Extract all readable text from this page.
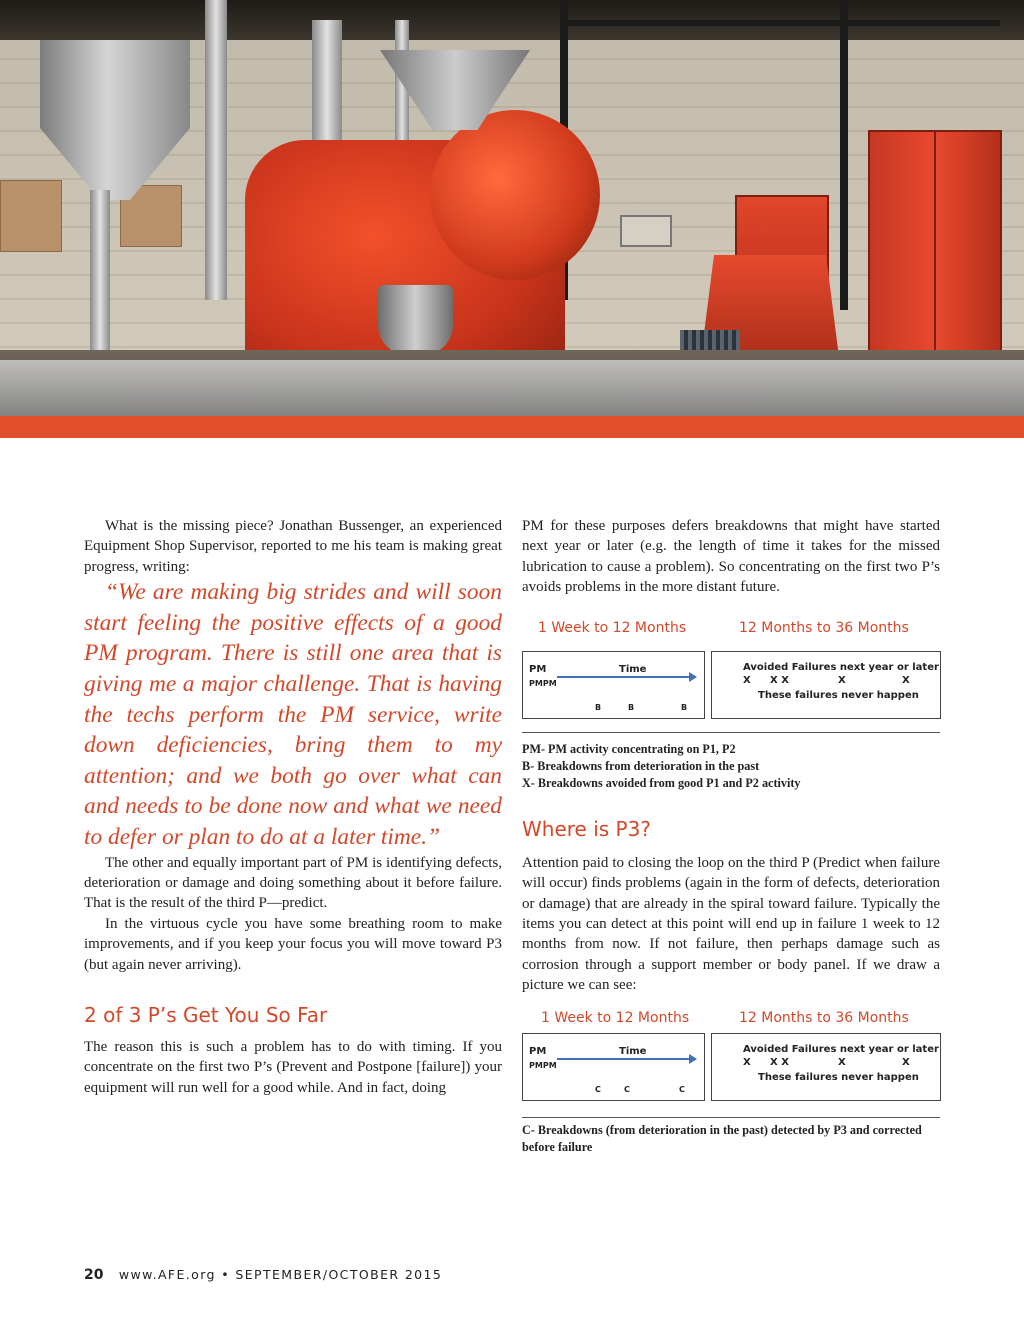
What is the missing piece? Jonathan Bussenger, an experienced Equipment Shop Supervisor, reported to me his team is making great progress, writing:

“We are making big strides and will soon start feeling the positive effects of a good PM program. There is still one area that is giving me a major challenge. That is having the techs perform the PM service, write down deficiencies, bring them to my attention; and we both go over what can and needs to be done now and what we need to defer or plan to do at a later time.”

The other and equally important part of PM is identifying defects, deterioration or damage and doing something about it before failure. That is the result of the third P—predict.

In the virtuous cycle you have some breathing room to make improvements, and if you keep your focus you will move toward P3 (but again never arriving).

2 of 3 P’s Get You So Far

The reason this is such a problem has to do with timing. If you concentrate on the first two P’s (Prevent and Postpone [failure]) your equipment will run well for a good while. And in fact, doing

PM for these purposes defers breakdowns that might have started next year or later (e.g. the length of time it takes for the missed lubrication to cause a problem). So concentrating on the first two P’s avoids problems in the more distant future.

1 Week to 12 Months	12 Months to 36 Months
PM	Time
PMPM
B	B	B
Avoided Failures next year or later
X X X	X	X
These failures never happen
PM- PM activity concentrating on P1, P2
B- Breakdowns from deterioration in the past
X- Breakdowns avoided from good P1 and P2 activity
Where is P3?

Attention paid to closing the loop on the third P (Predict when failure will occur) finds problems (again in the form of defects, deterioration or damage) that are already in the spiral toward failure. Typically the items you can detect at this point will end up in failure 1 week to 12 months from now. If not failure, then perhaps damage such as corrosion through a support member or body panel. If we draw a picture we can see:

1 Week to 12 Months	12 Months to 36 Months
PM	Time
PMPM
C	C	C
Avoided Failures next year or later
X X X	X	X
These failures never happen
C- Breakdowns (from deterioration in the past) detected by P3 and corrected before failure
20 www.AFE.org • SEPTEMBER/OCTOBER 2015
